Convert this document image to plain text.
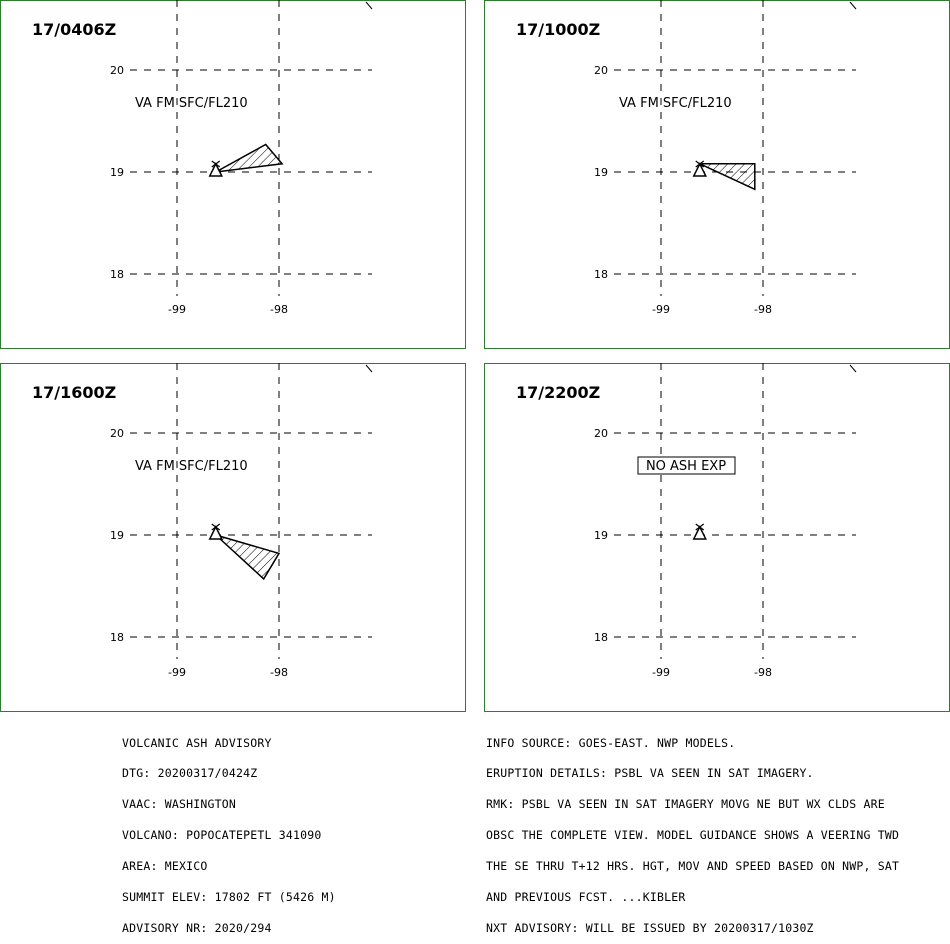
-99	-98
20
19
18
17/0406Z
VA FM SFC/FL210
-99	-98
20
19
18
17/1000Z
VA FM SFC/FL210
-99	-98
20
19
18
17/1600Z
VA FM SFC/FL210
-99	-98
20
19
18
17/2200Z
NO ASH EXP

VOLCANIC ASH ADVISORY

DTG: 20200317/0424Z

VAAC: WASHINGTON

VOLCANO: POPOCATEPETL 341090

AREA: MEXICO

SUMMIT ELEV: 17802 FT (5426 M)

ADVISORY NR: 2020/294

INFO SOURCE: GOES-EAST. NWP MODELS.

ERUPTION DETAILS: PSBL VA SEEN IN SAT IMAGERY.

RMK: PSBL VA SEEN IN SAT IMAGERY MOVG NE BUT WX CLDS ARE

OBSC THE COMPLETE VIEW. MODEL GUIDANCE SHOWS A VEERING TWD

THE SE THRU T+12 HRS. HGT, MOV AND SPEED BASED ON NWP, SAT

AND PREVIOUS FCST. ...KIBLER

NXT ADVISORY: WILL BE ISSUED BY 20200317/1030Z
